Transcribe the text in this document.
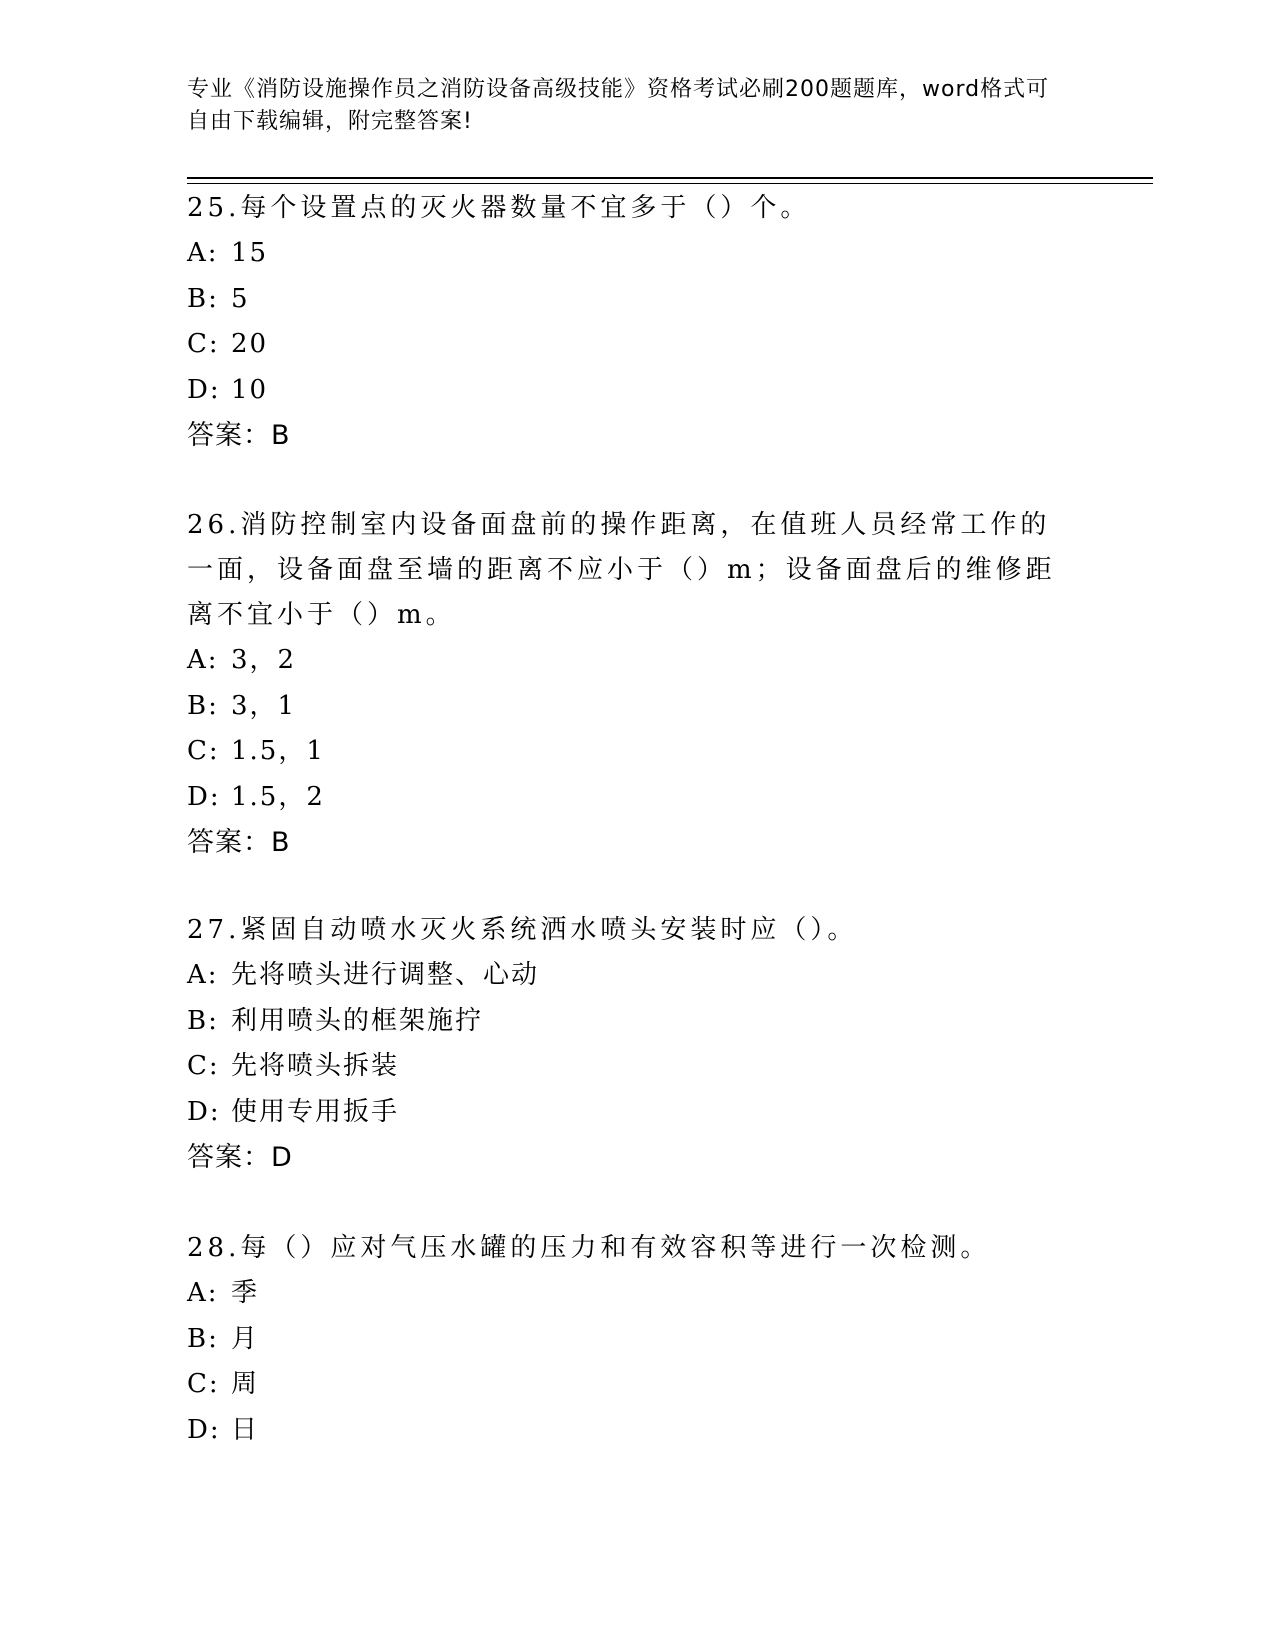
专业《消防设施操作员之消防设备高级技能》资格考试必刷200题题库，word格式可自由下载编辑，附完整答案!
25.每个设置点的灭火器数量不宜多于（）个。
A: 15
B: 5
C: 20
D: 10
答案：B
26.消防控制室内设备面盘前的操作距离，在值班人员经常工作的一面，设备面盘至墙的距离不应小于（）m；设备面盘后的维修距离不宜小于（）m。
A: 3，2
B: 3，1
C: 1.5，1
D: 1.5，2
答案：B
27.紧固自动喷水灭火系统洒水喷头安装时应（）。
A: 先将喷头进行调整、心动
B: 利用喷头的框架施拧
C: 先将喷头拆装
D: 使用专用扳手
答案：D
28.每（）应对气压水罐的压力和有效容积等进行一次检测。
A: 季
B: 月
C: 周
D: 日
